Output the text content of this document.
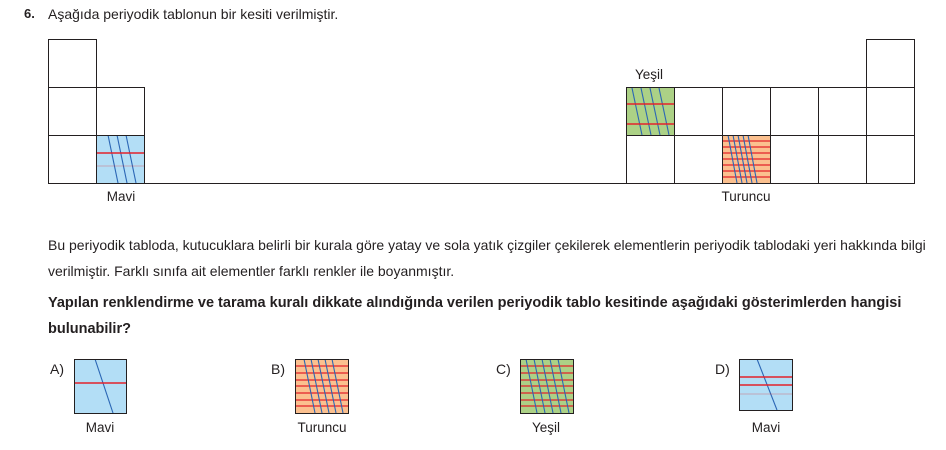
6. Aşağıda periyodik tablonun bir kesiti verilmiştir.
Mavi
Yeşil
Turuncu
Bu periyodik tabloda, kutucuklara belirli bir kurala göre yatay ve sola yatık çizgiler çekilerek elementlerin periyodik tablodaki yeri hakkında bilgi verilmiştir. Farklı sınıfa ait elementler farklı renkler ile boyanmıştır.
Yapılan renklendirme ve tarama kuralı dikkate alındığında verilen periyodik tablo kesitinde aşağıdaki gösterimlerden hangisi bulunabilir?
A)	B)	C)	D)
Mavi	Turuncu	Yeşil	Mavi
